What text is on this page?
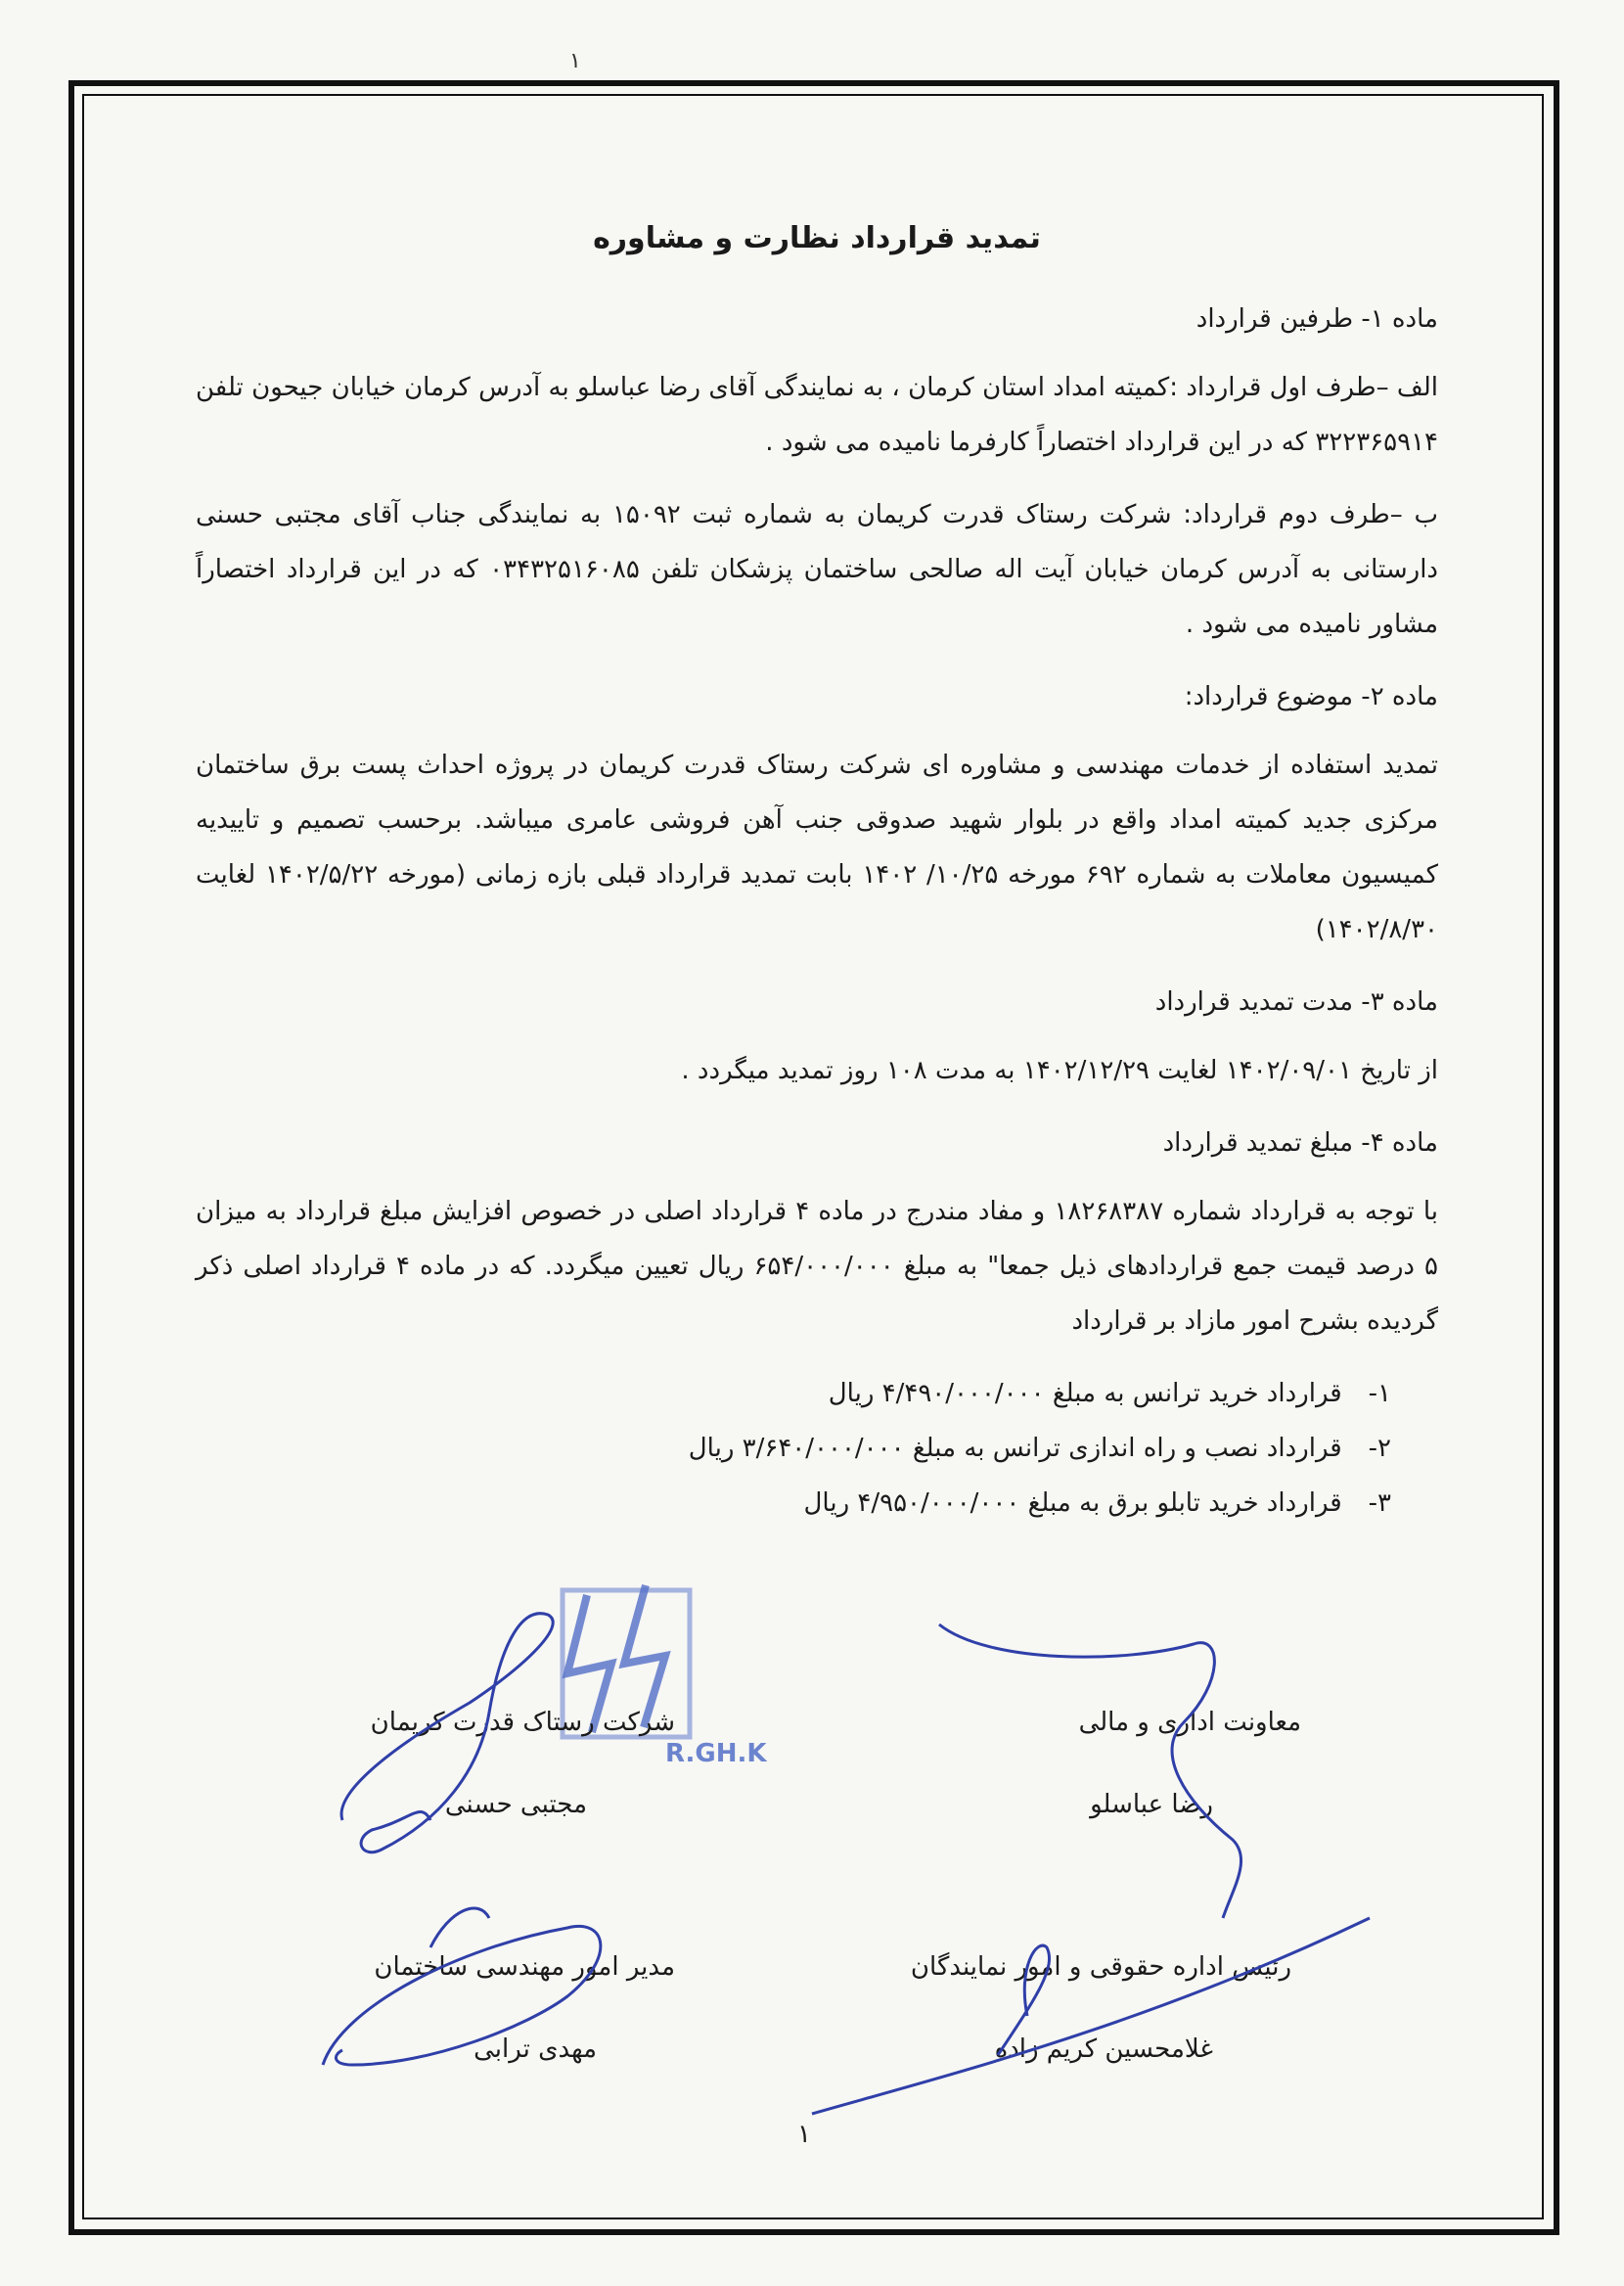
۱
تمدید قرارداد نظارت و مشاوره
ماده ۱- طرفین قرارداد

الف –طرف اول قرارداد :کمیته امداد استان کرمان ، به نمایندگی آقای رضا عباسلو به آدرس کرمان خیابان جیحون تلفن ۳۲۲۳۶۵۹۱۴ که در این قرارداد اختصاراً کارفرما نامیده می شود .

ب –طرف دوم قرارداد: شرکت رستاک قدرت کریمان به شماره ثبت ۱۵۰۹۲ به نمایندگی جناب آقای مجتبی حسنی دارستانی به آدرس کرمان خیابان آیت اله صالحی ساختمان پزشکان تلفن ۰۳۴۳۲۵۱۶۰۸۵ که در این قرارداد اختصاراً مشاور نامیده می شود .

ماده ۲- موضوع قرارداد:

تمدید استفاده از خدمات مهندسی و مشاوره ای شرکت رستاک قدرت کریمان در پروژه احداث پست برق ساختمان مرکزی جدید کمیته امداد واقع در بلوار شهید صدوقی جنب آهن فروشی عامری میباشد. برحسب تصمیم و تاییدیه کمیسیون معاملات به شماره ۶۹۲ مورخه ۱۰/۲۵/ ۱۴۰۲ بابت تمدید قرارداد قبلی بازه زمانی (مورخه ۱۴۰۲/۵/۲۲ لغایت ۱۴۰۲/۸/۳۰)

ماده ۳- مدت تمدید قرارداد

از تاریخ ۱۴۰۲/۰۹/۰۱ لغایت ۱۴۰۲/۱۲/۲۹ به مدت ۱۰۸ روز تمدید میگردد .

ماده ۴- مبلغ تمدید قرارداد

با توجه به قرارداد شماره ۱۸۲۶۸۳۸۷ و مفاد مندرج در ماده ۴ قرارداد اصلی در خصوص افزایش مبلغ قرارداد به میزان ۵ درصد قیمت جمع قراردادهای ذیل جمعا" به مبلغ ۶۵۴/۰۰۰/۰۰۰ ریال تعیین میگردد. که در ماده ۴ قرارداد اصلی ذکر گردیده بشرح امور مازاد بر قرارداد

۱- قرارداد خرید ترانس به مبلغ ۴/۴۹۰/۰۰۰/۰۰۰ ریال
۲- قرارداد نصب و راه اندازی ترانس به مبلغ ۳/۶۴۰/۰۰۰/۰۰۰ ریال
۳- قرارداد خرید تابلو برق به مبلغ ۴/۹۵۰/۰۰۰/۰۰۰ ریال
R.GH.K
معاونت اداری و مالی
رضا عباسلو
شرکت رستاک قدرت کریمان
مجتبی حسنی
رئیس اداره حقوقی و امور نمایندگان
غلامحسین کریم زاده
مدیر امور مهندسی ساختمان
مهدی ترابی
۱
